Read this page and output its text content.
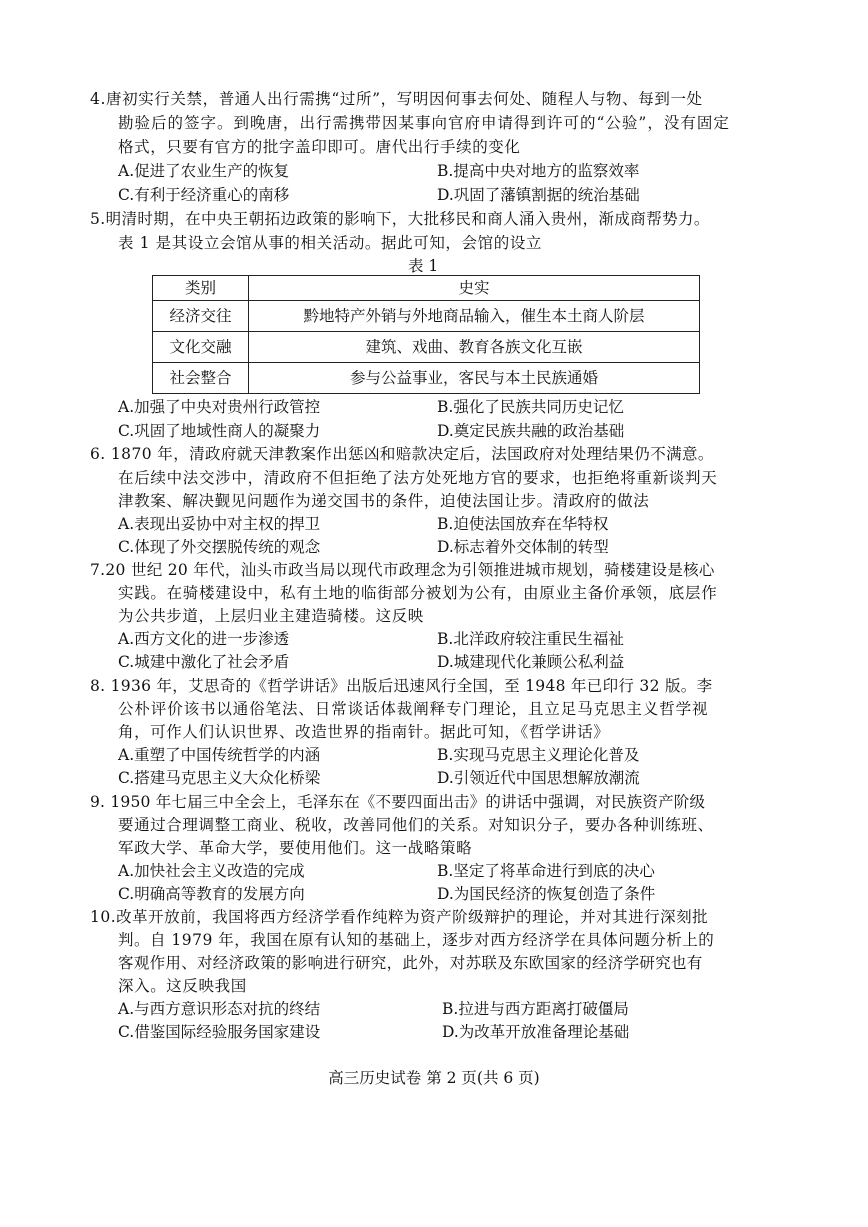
4.唐初实行关禁，普通人出行需携“过所”，写明因何事去何处、随程人与物、每到一处
勘验后的签字。到晚唐，出行需携带因某事向官府申请得到许可的“公验”，没有固定
格式，只要有官方的批字盖印即可。唐代出行手续的变化
A.促进了农业生产的恢复	B.提高中央对地方的监察效率
C.有利于经济重心的南移	D.巩固了藩镇割据的统治基础
5.明清时期，在中央王朝拓边政策的影响下，大批移民和商人涌入贵州，渐成商帮势力。
表 1 是其设立会馆从事的相关活动。据此可知，会馆的设立
表 1
类别	史实
经济交往	黔地特产外销与外地商品输入，催生本土商人阶层
文化交融	建筑、戏曲、教育各族文化互嵌
社会整合	参与公益事业，客民与本土民族通婚
A.加强了中央对贵州行政管控	B.强化了民族共同历史记忆
C.巩固了地域性商人的凝聚力	D.奠定民族共融的政治基础
6. 1870 年，清政府就天津教案作出惩凶和赔款决定后，法国政府对处理结果仍不满意。
在后续中法交涉中，清政府不但拒绝了法方处死地方官的要求，也拒绝将重新谈判天
津教案、解决觐见问题作为递交国书的条件，迫使法国让步。清政府的做法
A.表现出妥协中对主权的捍卫	B.迫使法国放弃在华特权
C.体现了外交摆脱传统的观念	D.标志着外交体制的转型
7.20 世纪 20 年代，汕头市政当局以现代市政理念为引领推进城市规划，骑楼建设是核心
实践。在骑楼建设中，私有土地的临街部分被划为公有，由原业主备价承领，底层作
为公共步道，上层归业主建造骑楼。这反映
A.西方文化的进一步渗透	B.北洋政府较注重民生福祉
C.城建中激化了社会矛盾	D.城建现代化兼顾公私利益
8. 1936 年，艾思奇的《哲学讲话》出版后迅速风行全国，至 1948 年已印行 32 版。李
公朴评价该书以通俗笔法、日常谈话体裁阐释专门理论，且立足马克思主义哲学视
角，可作人们认识世界、改造世界的指南针。据此可知，《哲学讲话》
A.重塑了中国传统哲学的内涵	B.实现马克思主义理论化普及
C.搭建马克思主义大众化桥梁	D.引领近代中国思想解放潮流
9. 1950 年七届三中全会上，毛泽东在《不要四面出击》的讲话中强调，对民族资产阶级
要通过合理调整工商业、税收，改善同他们的关系。对知识分子，要办各种训练班、
军政大学、革命大学，要使用他们。这一战略策略
A.加快社会主义改造的完成	B.坚定了将革命进行到底的决心
C.明确高等教育的发展方向	D.为国民经济的恢复创造了条件
10.改革开放前，我国将西方经济学看作纯粹为资产阶级辩护的理论，并对其进行深刻批
判。自 1979 年，我国在原有认知的基础上，逐步对西方经济学在具体问题分析上的
客观作用、对经济政策的影响进行研究，此外，对苏联及东欧国家的经济学研究也有
深入。这反映我国
A.与西方意识形态对抗的终结	B.拉进与西方距离打破僵局
C.借鉴国际经验服务国家建设	D.为改革开放准备理论基础
高三历史试卷 第 2 页(共 6 页)
